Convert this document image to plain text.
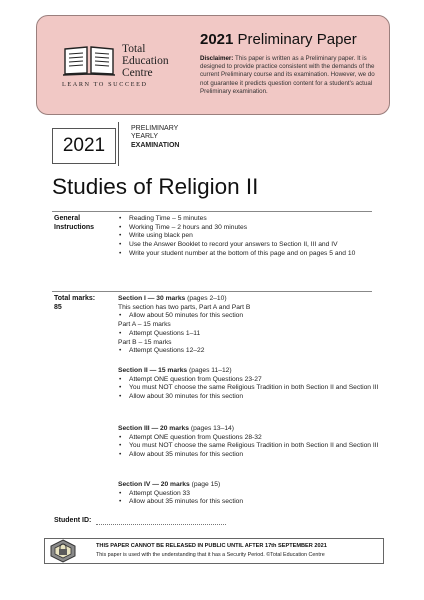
Total
Education
Centre
LEARN TO SUCCEED
2021 Preliminary Paper
Disclaimer: This paper is written as a Preliminary paper. It is designed to provide practice consistent with the demands of the current Preliminary course and its examination. However, we do not guarantee it predicts question content for a student's actual Preliminary examination.
2021
PRELIMINARY
YEARLY
EXAMINATION
Studies of Religion II
General
Instructions
• Reading Time – 5 minutes
• Working Time – 2 hours and 30 minutes
• Write using black pen
• Use the Answer Booklet to record your answers to Section II, III and IV
• Write your student number at the bottom of this page and on pages 5 and 10
Total marks:
85
Section I — 30 marks (pages 2–10)
This section has two parts, Part A and Part B
• Allow about 50 minutes for this section
Part A – 15 marks
• Attempt Questions 1–11
Part B – 15 marks
• Attempt Questions 12–22
Section II — 15 marks (pages 11–12)
• Attempt ONE question from Questions 23-27
• You must NOT choose the same Religious Tradition in both Section II and Section III
• Allow about 30 minutes for this section
Section III — 20 marks (pages 13–14)
• Attempt ONE question from Questions 28-32
• You must NOT choose the same Religious Tradition in both Section II and Section III
• Allow about 35 minutes for this section
Section IV — 20 marks (page 15)
• Attempt Question 33
• Allow about 35 minutes for this section
Student ID:
THIS PAPER CANNOT BE RELEASED IN PUBLIC UNTIL AFTER 17th SEPTEMBER 2021
This paper is used with the understanding that it has a Security Period. ©Total Education Centre
